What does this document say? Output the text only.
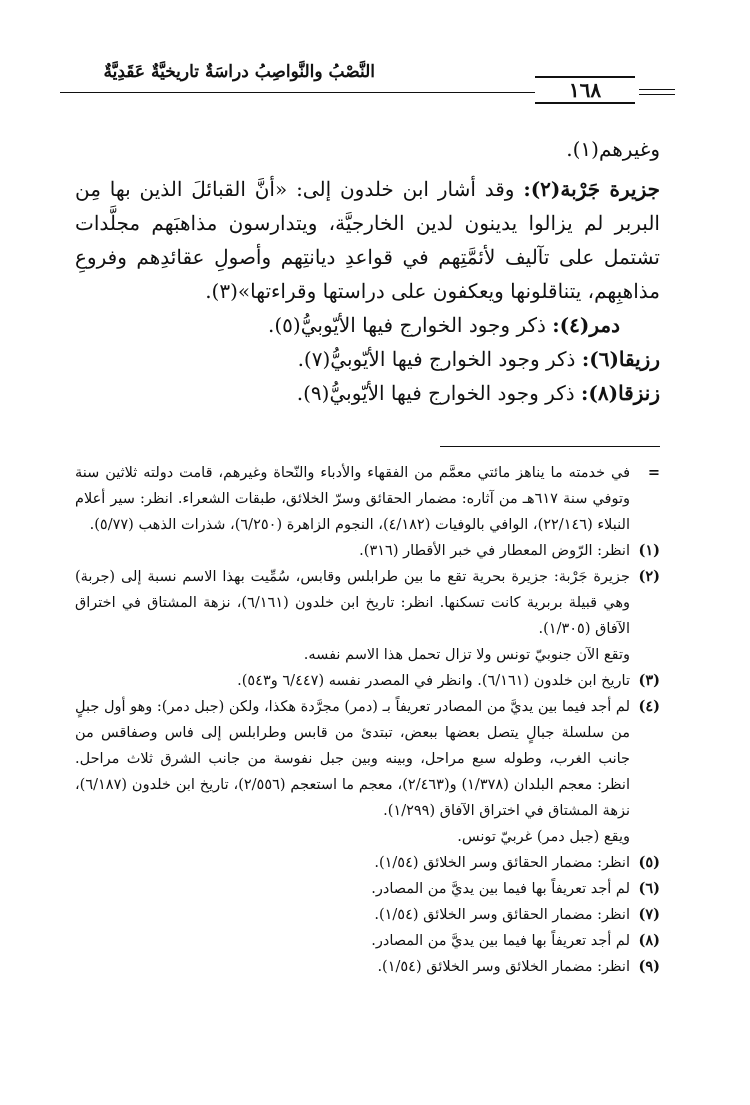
النَّصْبُ والنَّواصِبُ دراسَةٌ تاريخيَّةٌ عَقَدِيَّةٌ
١٦٨

وغيرهم(١).

جزيرة جَرْبة(٢): وقد أشار ابن خلدون إلى: «أنَّ القبائلَ الذين بها مِن البربر لم يزالوا يدينون لدين الخارجيَّة، ويتدارسون مذاهبَهم مجلَّدات تشتمل على تآليف لأئمَّتِهم في قواعدِ ديانتِهم وأصولِ عقائدِهم وفروعِ مذاهبِهم، يتناقلونها ويعكفون على دراستها وقراءتها»(٣).

دمر(٤): ذكر وجود الخوارج فيها الأيّوبيُّ(٥).

رزيقا(٦): ذكر وجود الخوارج فيها الأيّوبيُّ(٧).

زنزقا(٨): ذكر وجود الخوارج فيها الأيّوبيُّ(٩).

=
في خدمته ما يناهز مائتي معمَّم من الفقهاء والأدباء والنّحاة وغيرهم، قامت دولته ثلاثين سنة وتوفي سنة ٦١٧هـ من آثاره: مضمار الحقائق وسرّ الخلائق، طبقات الشعراء. انظر: سير أعلام النبلاء (٢٢/١٤٦)، الوافي بالوفيات (٤/١٨٢)، النجوم الزاهرة (٦/٢٥٠)، شذرات الذهب (٥/٧٧).
(١)
انظر: الرّوض المعطار في خبر الأقطار (٣١٦).
(٢)
جزيرة جَرْبة: جزيرة بحرية تقع ما بين طرابلس وقابس، سُمِّيت بهذا الاسم نسبة إلى (جربة) وهي قبيلة بربرية كانت تسكنها. انظر: تاريخ ابن خلدون (٦/١٦١)، نزهة المشتاق في اختراق الآفاق (١/٣٠٥).
وتقع الآن جنوبيّ تونس ولا تزال تحمل هذا الاسم نفسه.
(٣)
تاريخ ابن خلدون (٦/١٦١). وانظر في المصدر نفسه (٦/٤٤٧ و٥٤٣).
(٤)
لم أجد فيما بين يديَّ من المصادر تعريفاً بـ (دمر) مجرَّدة هكذا، ولكن (جبل دمر): وهو أول جبلٍ من سلسلة جبالٍ يتصل بعضها ببعض، تبتدئ من قابس وطرابلس إلى فاس وصفاقس من جانب الغرب، وطوله سبع مراحل، وبينه وبين جبل نفوسة من جانب الشرق ثلاث مراحل. انظر: معجم البلدان (١/٣٧٨) و(٢/٤٦٣)، معجم ما استعجم (٢/٥٥٦)، تاريخ ابن خلدون (٦/١٨٧)، نزهة المشتاق في اختراق الآفاق (١/٢٩٩).
ويقع (جبل دمر) غربيّ تونس.
(٥)
انظر: مضمار الحقائق وسر الخلائق (١/٥٤).
(٦)
لم أجد تعريفاً بها فيما بين يديَّ من المصادر.
(٧)
انظر: مضمار الحقائق وسر الخلائق (١/٥٤).
(٨)
لم أجد تعريفاً بها فيما بين يديَّ من المصادر.
(٩)
انظر: مضمار الخلائق وسر الخلائق (١/٥٤).
